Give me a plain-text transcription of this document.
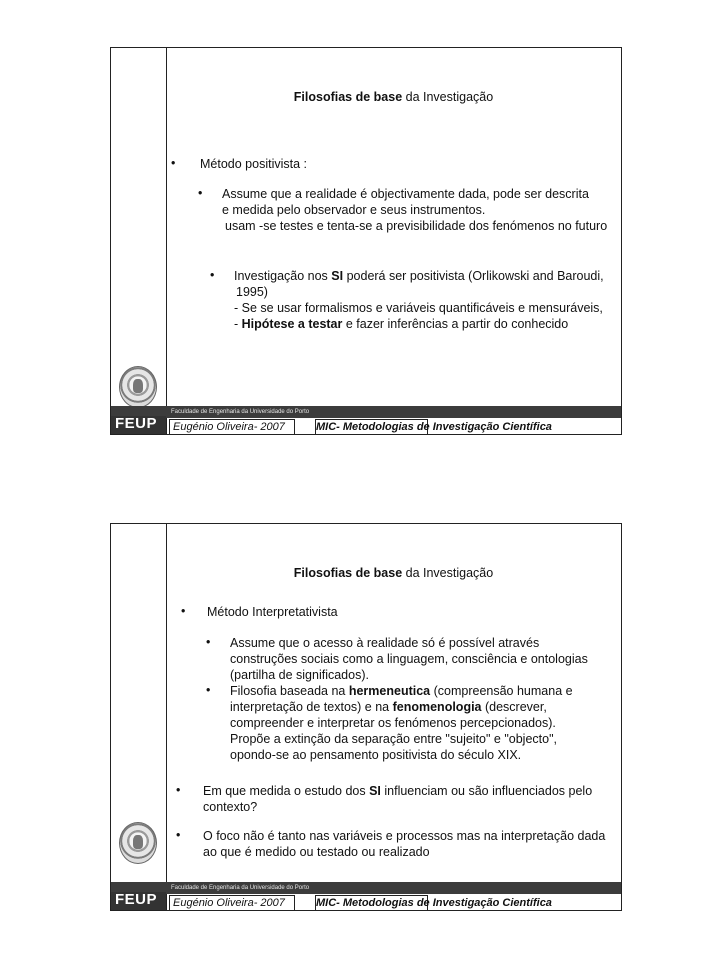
Faculdade de Engenharia da Universidade do Porto
FEUP
Filosofias de base da Investigação
• Método positivista :
• Assume que a realidade é objectivamente dada, pode ser descrita
e medida pelo observador e seus instrumentos.
usam -se testes e tenta-se a previsibilidade dos fenómenos no futuro
• Investigação nos SI poderá ser positivista (Orlikowski and Baroudi,
1995)
- Se se usar formalismos e variáveis quantificáveis e mensuráveis,
- Hipótese a testar e fazer inferências a partir do conhecido
Eugénio Oliveira- 2007	MIC- Metodologias de Investigação Científica
Faculdade de Engenharia da Universidade do Porto
FEUP
Filosofias de base da Investigação
• Método Interpretativista
• Assume que o acesso à realidade só é possível através
construções sociais como a linguagem, consciência e ontologias
(partilha de significados).
• Filosofia baseada na hermeneutica (compreensão humana e
interpretação de textos) e na fenomenologia (descrever,
compreender e interpretar os fenómenos percepcionados).
Propõe a extinção da separação entre "sujeito" e "objecto",
opondo-se ao pensamento positivista do século XIX.
• Em que medida o estudo dos SI influenciam ou são influenciados pelo
contexto?
• O foco não é tanto nas variáveis e processos mas na interpretação dada
ao que é medido ou testado ou realizado
Eugénio Oliveira- 2007	MIC- Metodologias de Investigação Científica
